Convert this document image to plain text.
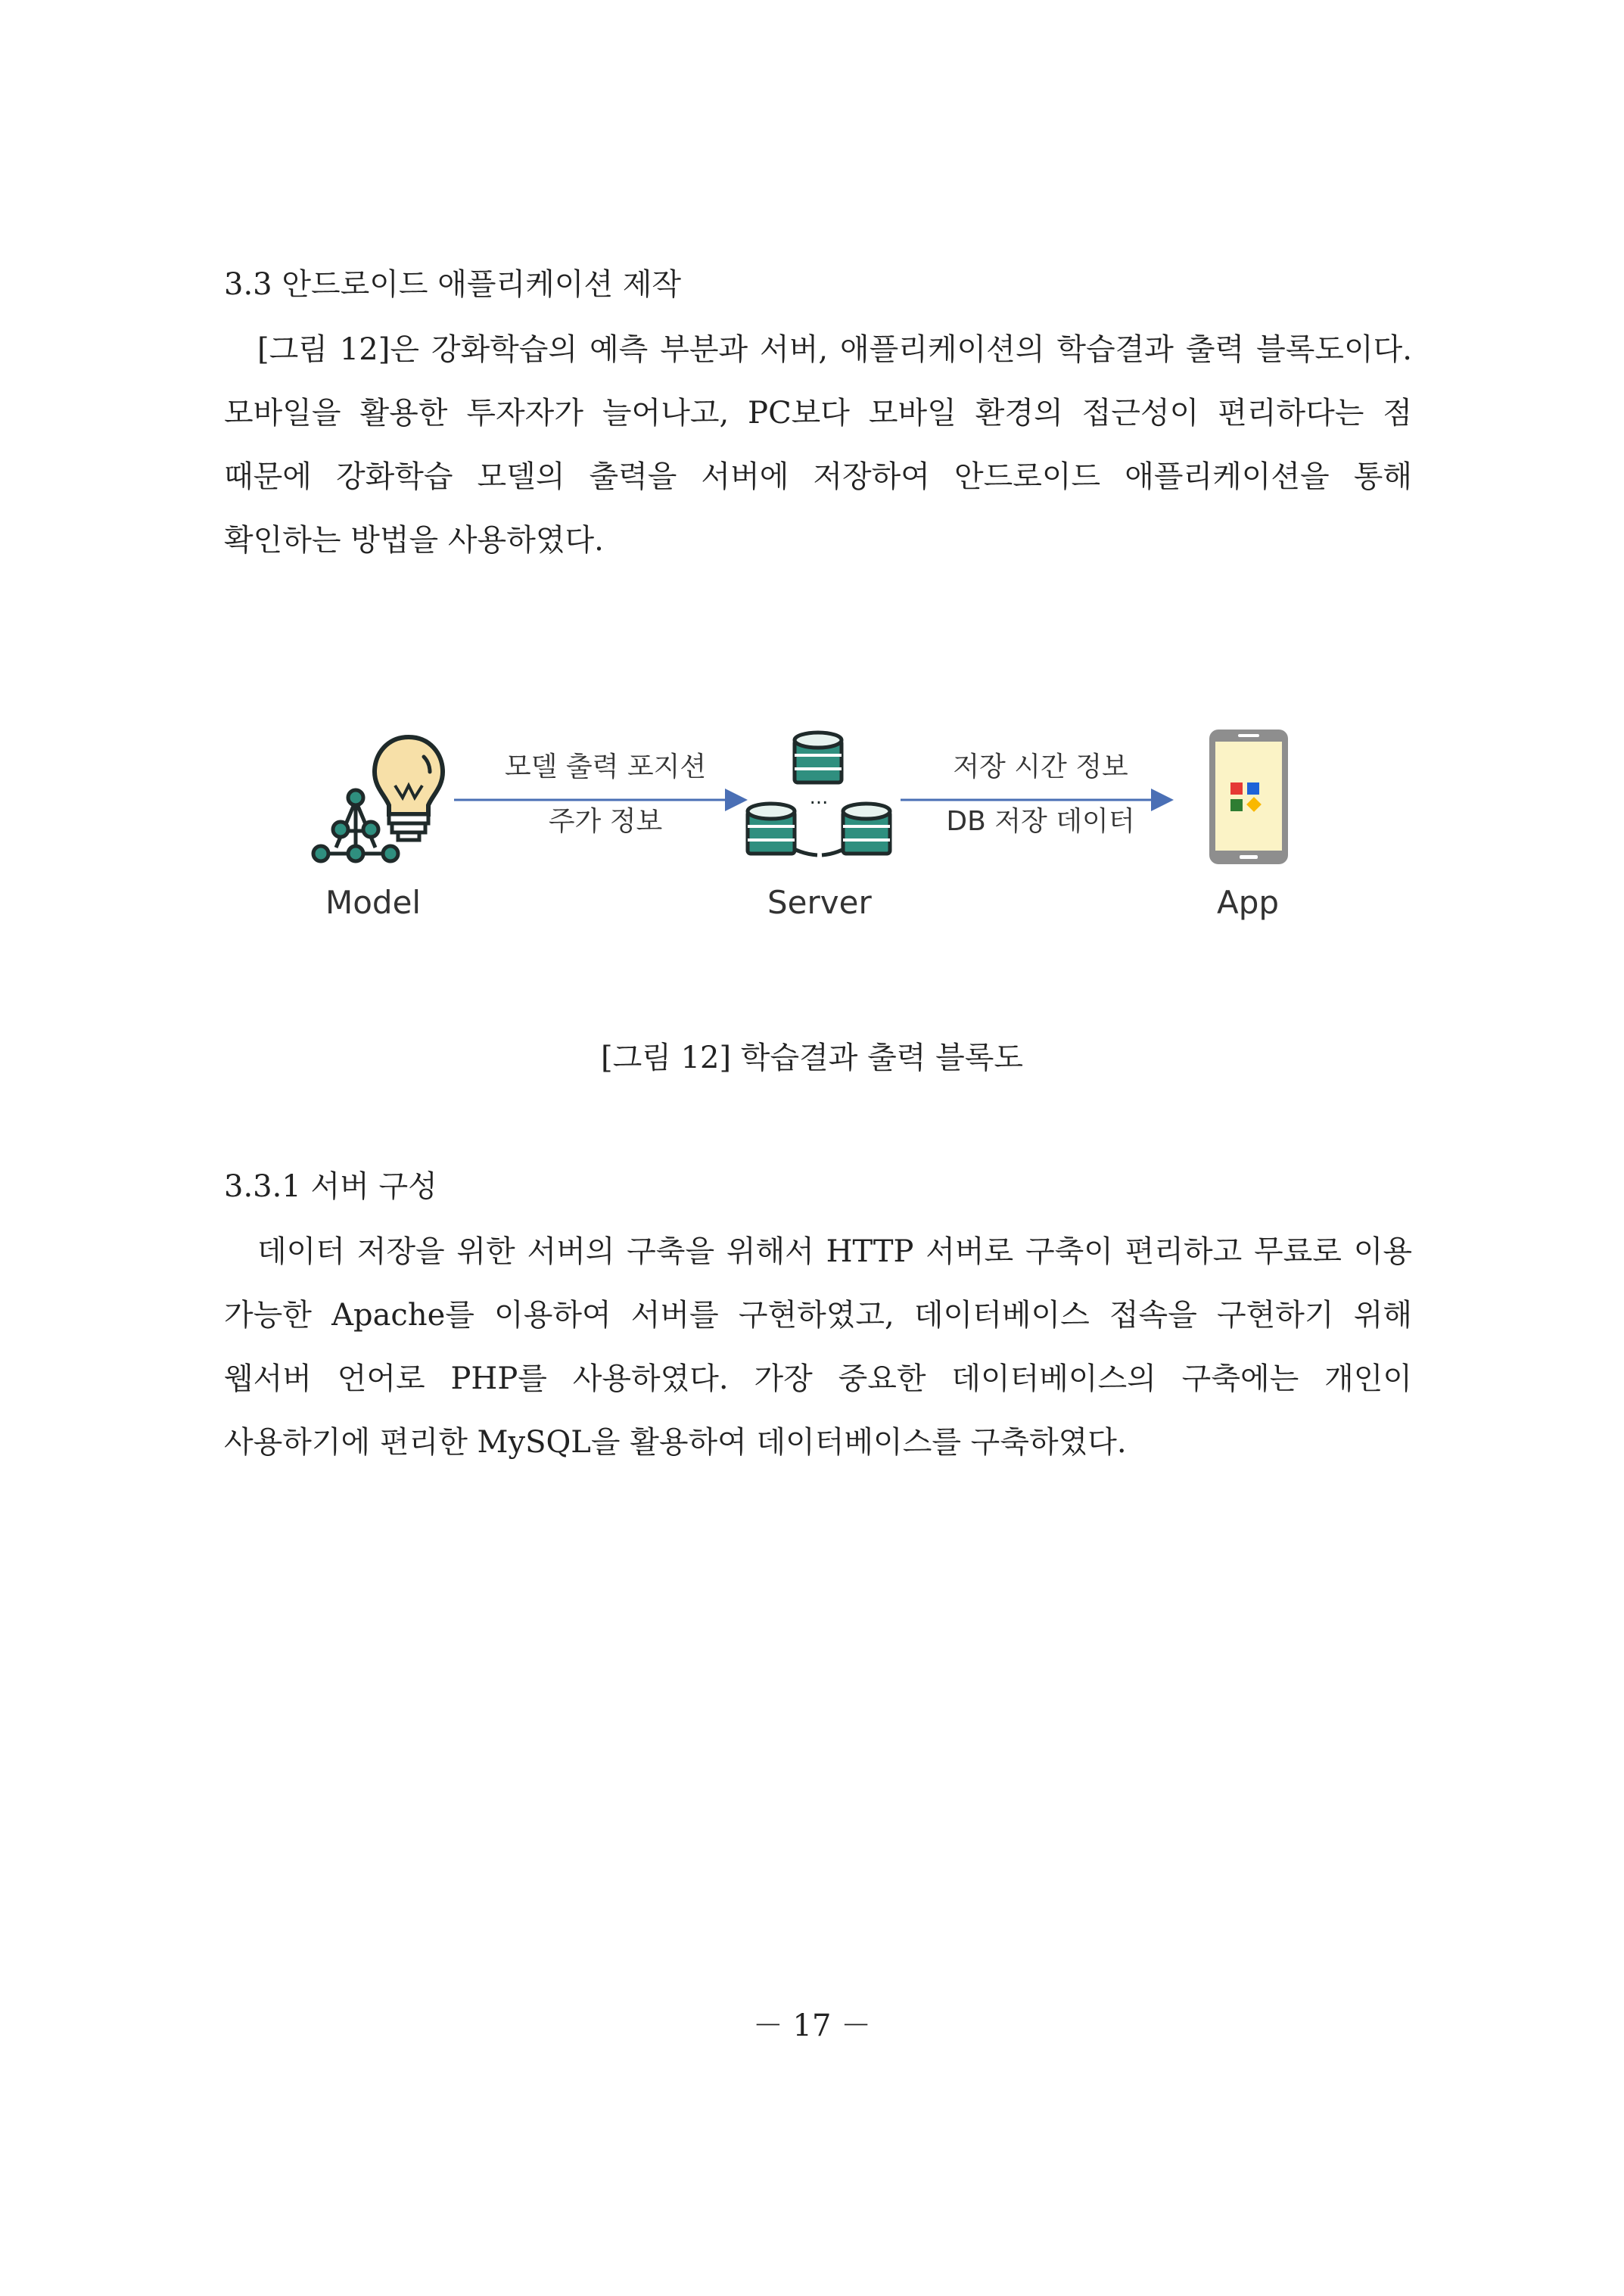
3.3 안드로이드 애플리케이션 제작
[그림 12]은 강화학습의 예측 부분과 서버, 애플리케이션의 학습결과 출력 블록도이다. 모바일을 활용한 투자자가 늘어나고, PC보다 모바일 환경의 접근성이 편리하다는 점 때문에 강화학습 모델의 출력을 서버에 저장하여 안드로이드 애플리케이션을 통해 확인하는 방법을 사용하였다.
...
Model	Server	App
모델 출력 포지션
주가 정보
저장 시간 정보
DB 저장 데이터
[그림 12] 학습결과 출력 블록도
3.3.1 서버 구성
데이터 저장을 위한 서버의 구축을 위해서 HTTP 서버로 구축이 편리하고 무료로 이용 가능한 Apache를 이용하여 서버를 구현하였고, 데이터베이스 접속을 구현하기 위해 웹서버 언어로 PHP를 사용하였다. 가장 중요한 데이터베이스의 구축에는 개인이 사용하기에 편리한 MySQL을 활용하여 데이터베이스를 구축하였다.
－ 17 －
